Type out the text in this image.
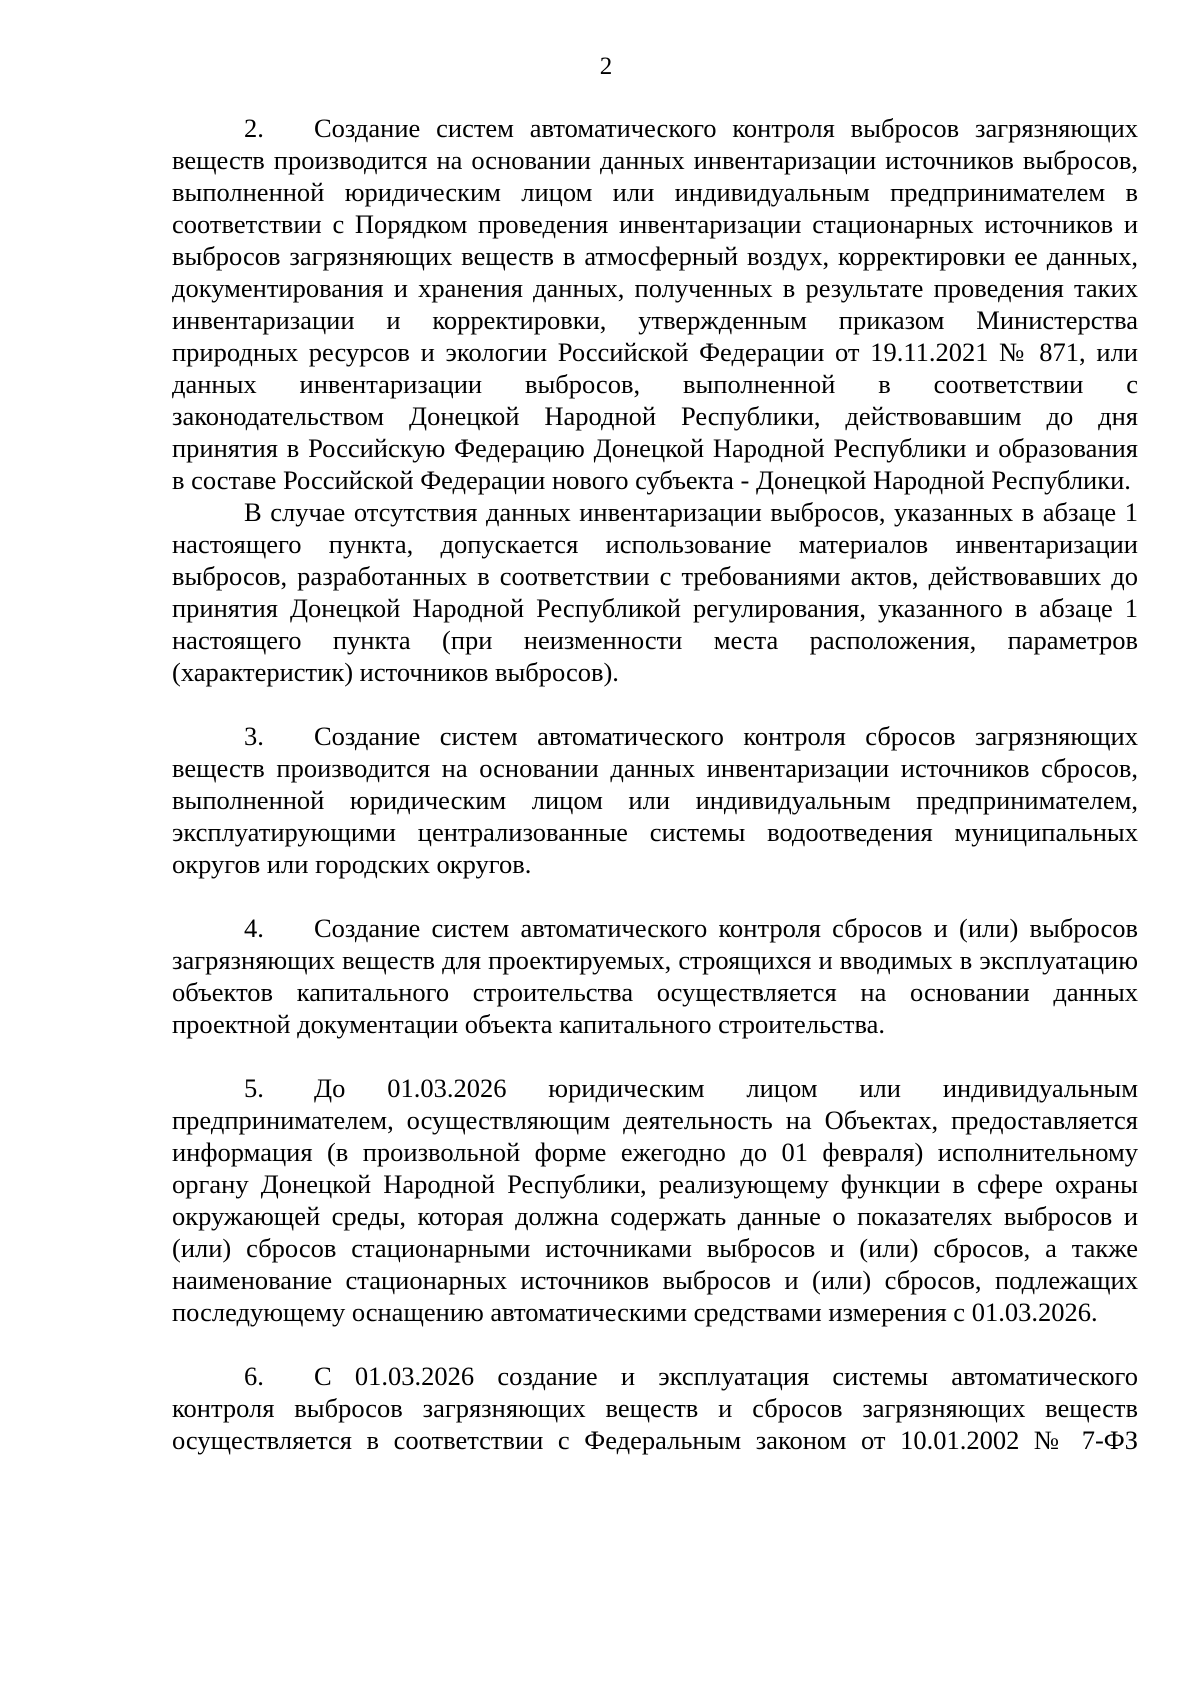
2

2. Создание систем автоматического контроля выбросов загрязняющих веществ производится на основании данных инвентаризации источников выбросов, выполненной юридическим лицом или индивидуальным предпринимателем в соответствии с Порядком проведения инвентаризации стационарных источников и выбросов загрязняющих веществ в атмосферный воздух, корректировки ее данных, документирования и хранения данных, полученных в результате проведения таких инвентаризации и корректировки, утвержденным приказом Министерства природных ресурсов и экологии Российской Федерации от 19.11.2021 № 871, или данных инвентаризации выбросов, выполненной в соответствии с законодательством Донецкой Народной Республики, действовавшим до дня принятия в Российскую Федерацию Донецкой Народной Республики и образования в составе Российской Федерации нового субъекта - Донецкой Народной Республики.

В случае отсутствия данных инвентаризации выбросов, указанных в абзаце 1 настоящего пункта, допускается использование материалов инвентаризации выбросов, разработанных в соответствии с требованиями актов, действовавших до принятия Донецкой Народной Республикой регулирования, указанного в абзаце 1 настоящего пункта (при неизменности места расположения, параметров (характеристик) источников выбросов).

3. Создание систем автоматического контроля сбросов загрязняющих веществ производится на основании данных инвентаризации источников сбросов, выполненной юридическим лицом или индивидуальным предпринимателем, эксплуатирующими централизованные системы водоотведения муниципальных округов или городских округов.

4. Создание систем автоматического контроля сбросов и (или) выбросов загрязняющих веществ для проектируемых, строящихся и вводимых в эксплуатацию объектов капитального строительства осуществляется на основании данных проектной документации объекта капитального строительства.

5. До 01.03.2026 юридическим лицом или индивидуальным предпринимателем, осуществляющим деятельность на Объектах, предоставляется информация (в произвольной форме ежегодно до 01 февраля) исполнительному органу Донецкой Народной Республики, реализующему функции в сфере охраны окружающей среды, которая должна содержать данные о показателях выбросов и (или) сбросов стационарными источниками выбросов и (или) сбросов, а также наименование стационарных источников выбросов и (или) сбросов, подлежащих последующему оснащению автоматическими средствами измерения с 01.03.2026.

6. С 01.03.2026 создание и эксплуатация системы автоматического контроля выбросов загрязняющих веществ и сбросов загрязняющих веществ осуществляется в соответствии с Федеральным законом от 10.01.2002 № 7-ФЗ
